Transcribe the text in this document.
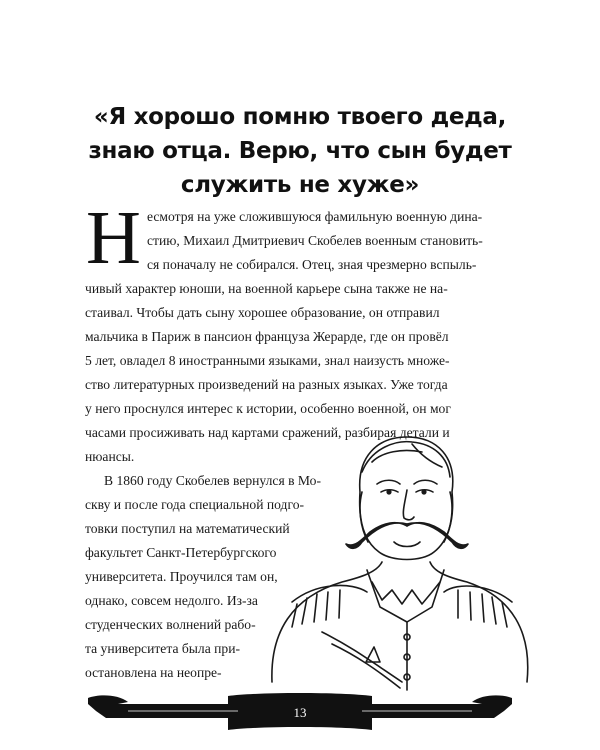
«Я хорошо помню твоего деда,
знаю отца. Верю, что сын будет
служить не хуже»
Н есмотря на уже сложившуюся фамильную военную дина-
стию, Михаил Дмитриевич Скобелев военным становить-
ся поначалу не собирался. Отец, зная чрезмерно вспыль-
чивый характер юноши, на военной карьере сына также не на-
стаивал. Чтобы дать сыну хорошее образование, он отправил
мальчика в Париж в пансион француза Жерарде, где он провёл
5 лет, овладел 8 иностранными языками, знал наизусть множе-
ство литературных произведений на разных языках. Уже тогда
у него проснулся интерес к истории, особенно военной, он мог
часами просиживать над картами сражений, разбирая детали и
нюансы.
В 1860 году Скобелев вернулся в Мо-
скву и после года специальной подго-
товки поступил на математический
факультет Санкт-Петербургского
университета. Проучился там он,
однако, совсем недолго. Из-за
студенческих волнений рабо-
та университета была при-
остановлена на неопре-
13
